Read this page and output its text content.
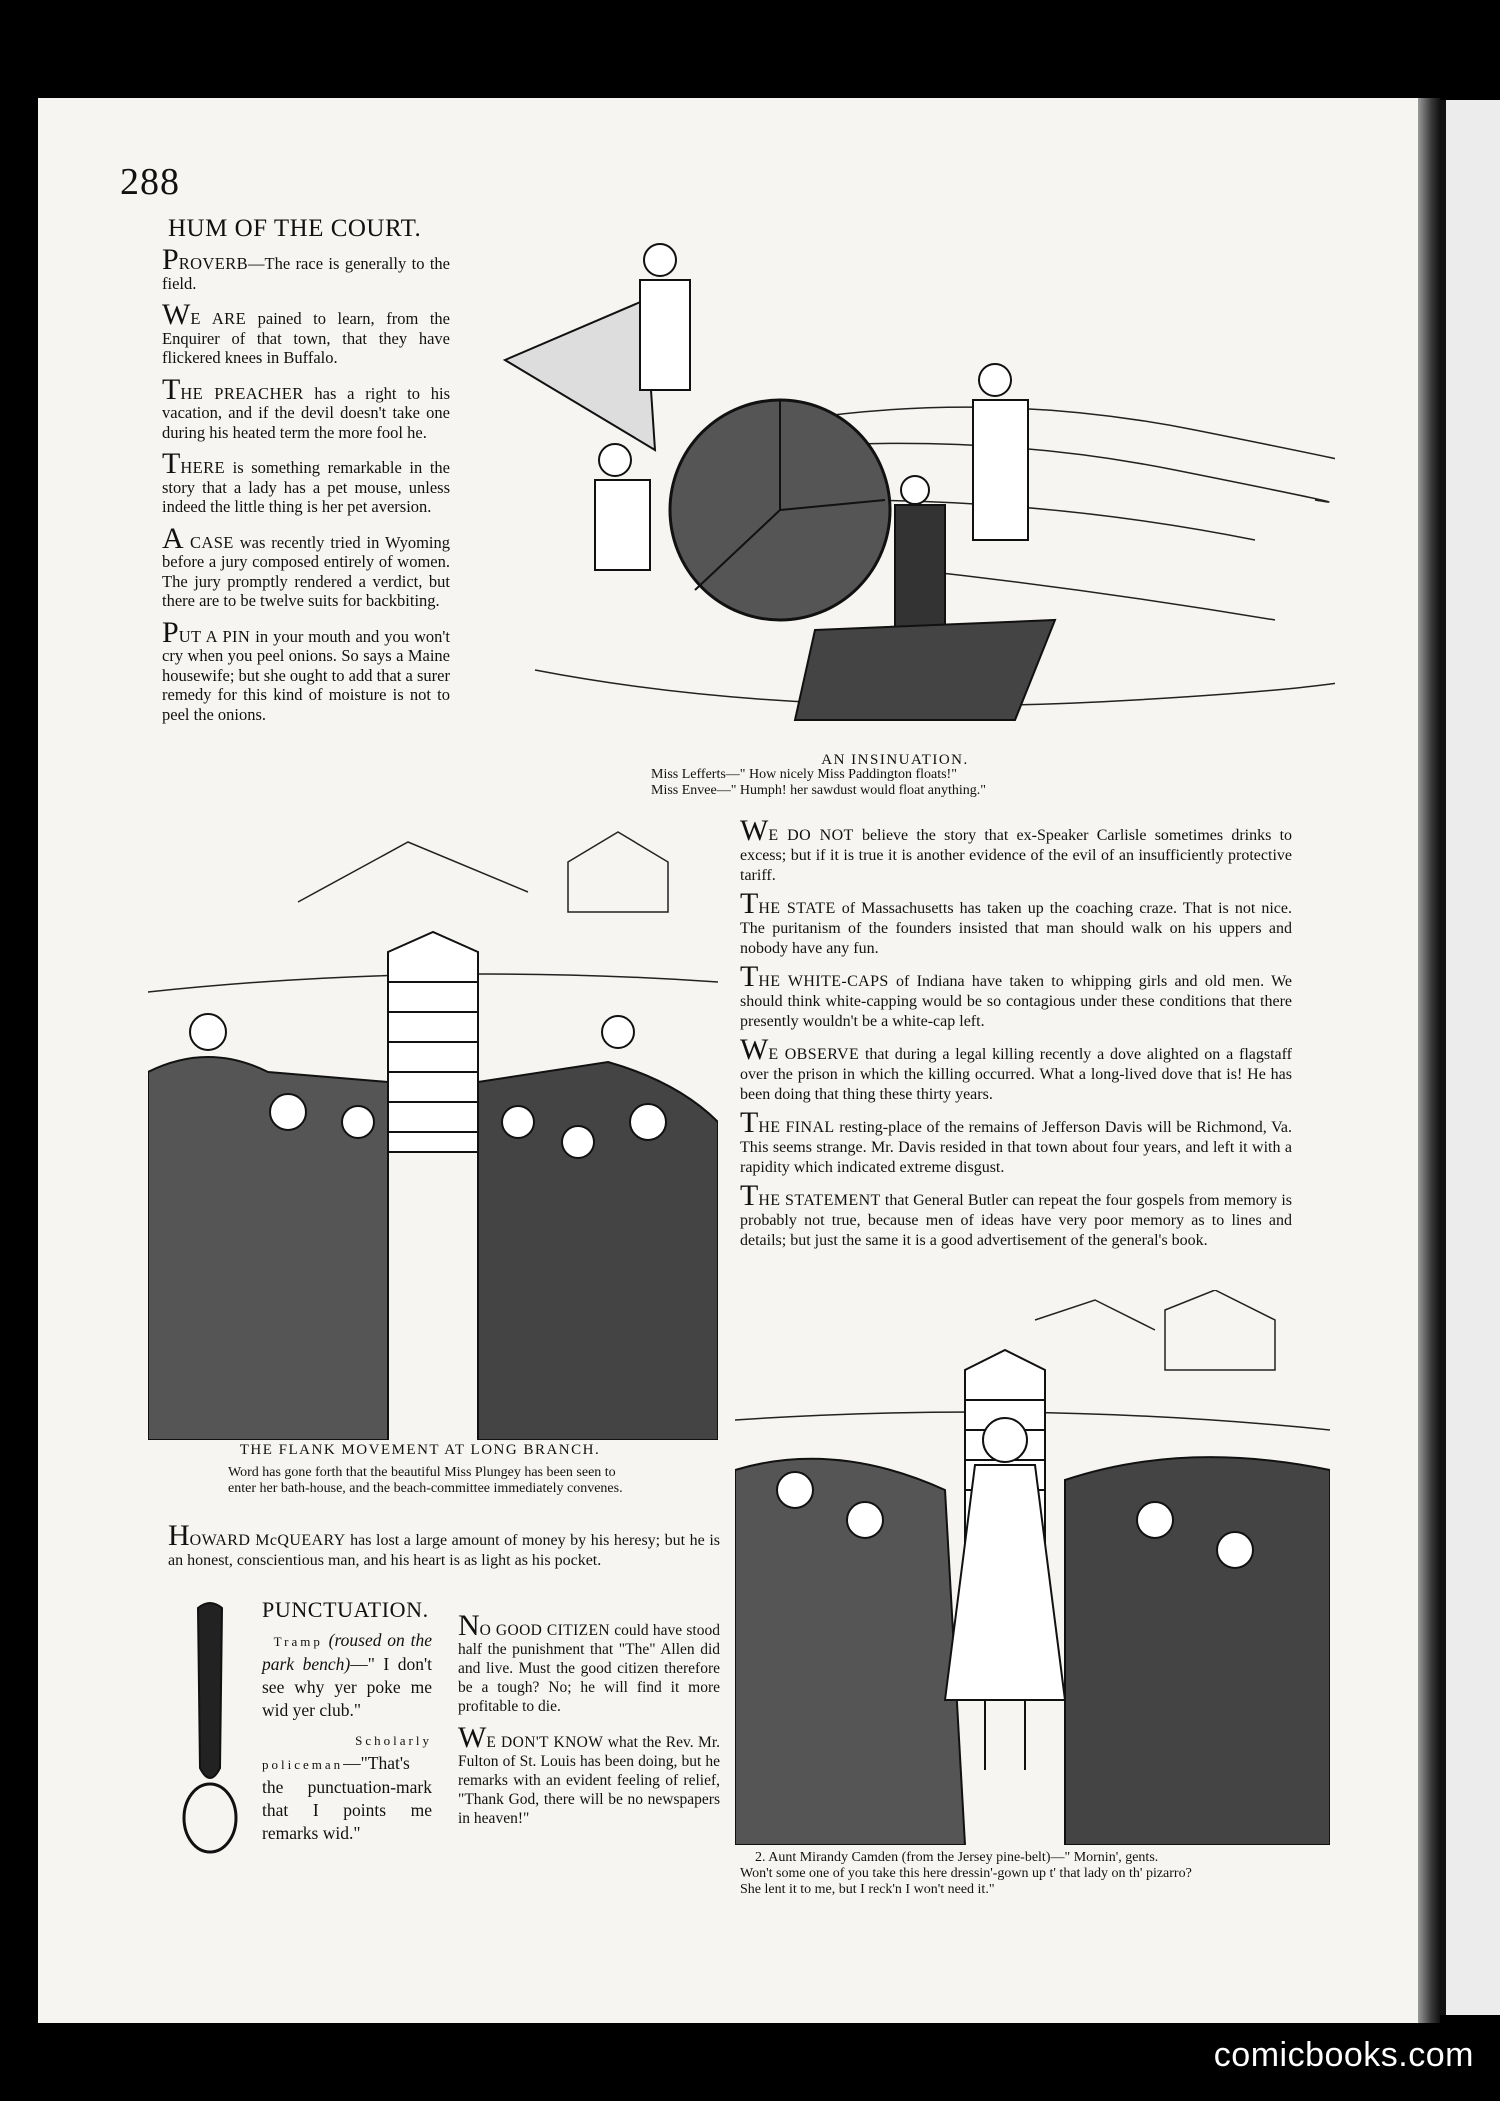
288
HUM OF THE COURT.
PROVERB—The race is generally to the field.
WE ARE pained to learn, from the Enquirer of that town, that they have flickered knees in Buffalo.
THE PREACHER has a right to his vacation, and if the devil doesn't take one during his heated term the more fool he.
THERE is something remarkable in the story that a lady has a pet mouse, unless indeed the little thing is her pet aversion.
A CASE was recently tried in Wyoming before a jury composed entirely of women. The jury promptly rendered a verdict, but there are to be twelve suits for backbiting.
PUT A PIN in your mouth and you won't cry when you peel onions. So says a Maine housewife; but she ought to add that a surer remedy for this kind of moisture is not to peel the onions.
AN INSINUATION.
Miss Lefferts—" How nicely Miss Paddington floats!"
Miss Envee—" Humph! her sawdust would float anything."
THE FLANK MOVEMENT AT LONG BRANCH.
Word has gone forth that the beautiful Miss Plungey has been seen to
enter her bath-house, and the beach-committee immediately convenes.
WE DO NOT believe the story that ex-Speaker Carlisle sometimes drinks to excess; but if it is true it is another evidence of the evil of an insufficiently protective tariff.
THE STATE of Massachusetts has taken up the coaching craze. That is not nice. The puritanism of the founders insisted that man should walk on his uppers and nobody have any fun.
THE WHITE-CAPS of Indiana have taken to whipping girls and old men. We should think white-capping would be so contagious under these conditions that there presently wouldn't be a white-cap left.
WE OBSERVE that during a legal killing recently a dove alighted on a flagstaff over the prison in which the killing occurred. What a long-lived dove that is! He has been doing that thing these thirty years.
THE FINAL resting-place of the remains of Jefferson Davis will be Richmond, Va. This seems strange. Mr. Davis resided in that town about four years, and left it with a rapidity which indicated extreme disgust.
THE STATEMENT that General Butler can repeat the four gospels from memory is probably not true, because men of ideas have very poor memory as to lines and details; but just the same it is a good advertisement of the general's book.
HOWARD McQUEARY has lost a large amount of money by his heresy; but he is an honest, conscientious man, and his heart is as light as his pocket.
PUNCTUATION.

Tramp (roused on the park bench)—" I don't see why yer poke me wid yer club."

Scholarly policeman—"That's the punctuation-mark that I points me remarks wid."

NO GOOD CITIZEN could have stood half the punishment that "The" Allen did and live. Must the good citizen therefore be a tough? No; he will find it more profitable to die.
WE DON'T KNOW what the Rev. Mr. Fulton of St. Louis has been doing, but he remarks with an evident feeling of relief, "Thank God, there will be no newspapers in heaven!"
2. Aunt Mirandy Camden (from the Jersey pine-belt)—" Mornin', gents.
Won't some one of you take this here dressin'-gown up t' that lady on th' pizarro?
She lent it to me, but I reck'n I won't need it."
comicbooks.com
